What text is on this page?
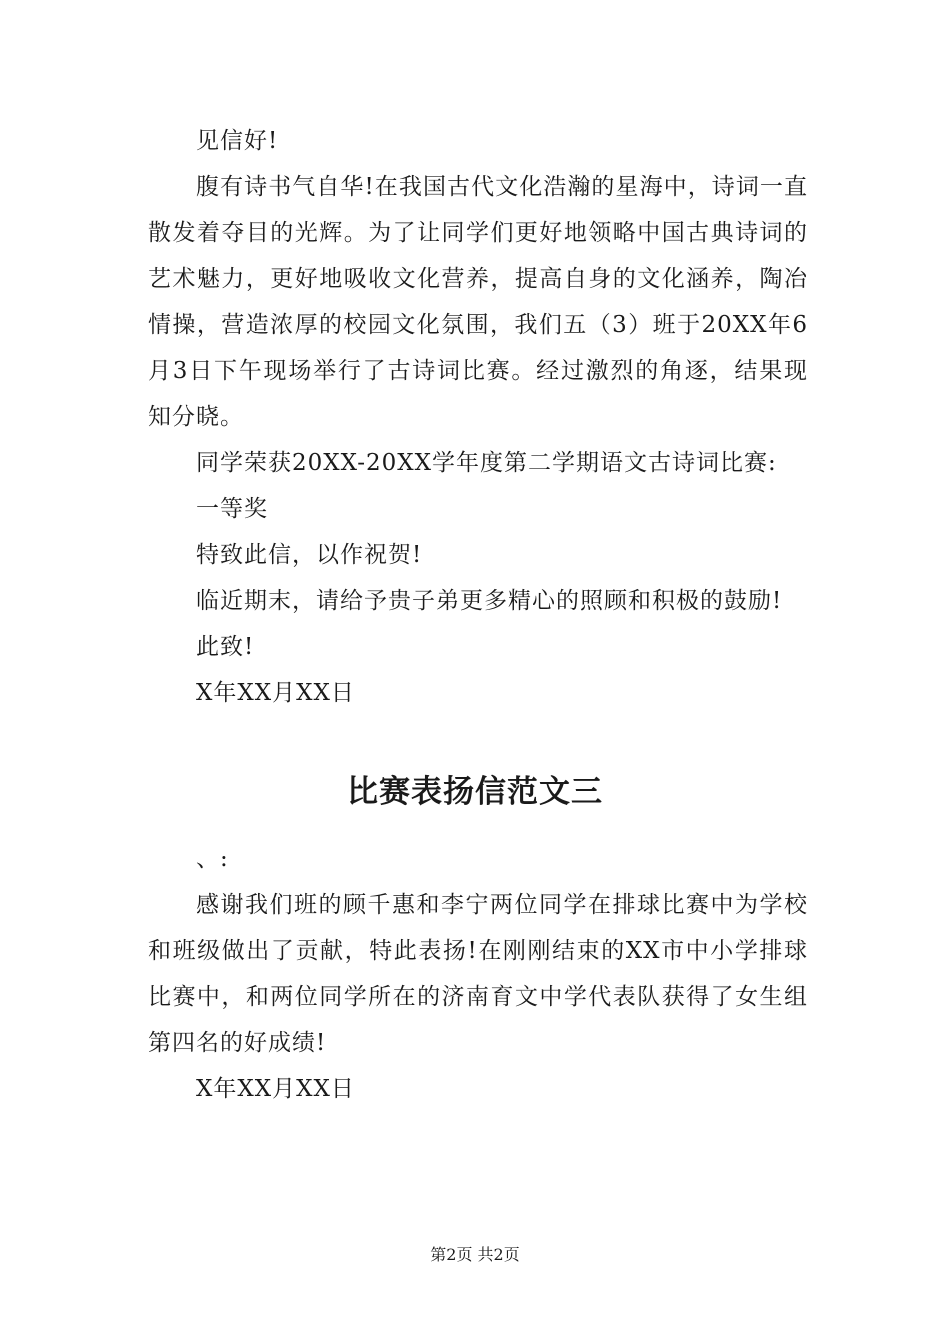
见信好!

腹有诗书气自华!在我国古代文化浩瀚的星海中，诗词一直散发着夺目的光辉。为了让同学们更好地领略中国古典诗词的艺术魅力，更好地吸收文化营养，提高自身的文化涵养，陶冶情操，营造浓厚的校园文化氛围，我们五（3）班于20XX年6月3日下午现场举行了古诗词比赛。经过激烈的角逐，结果现知分晓。

同学荣获20XX-20XX学年度第二学期语文古诗词比赛:

一等奖

特致此信，以作祝贺!

临近期末，请给予贵子弟更多精心的照顾和积极的鼓励!

此致!

X年XX月XX日

比赛表扬信范文三

、:

感谢我们班的顾千惠和李宁两位同学在排球比赛中为学校和班级做出了贡献，特此表扬!在刚刚结束的XX市中小学排球比赛中，和两位同学所在的济南育文中学代表队获得了女生组第四名的好成绩!

X年XX月XX日

第2页 共2页
